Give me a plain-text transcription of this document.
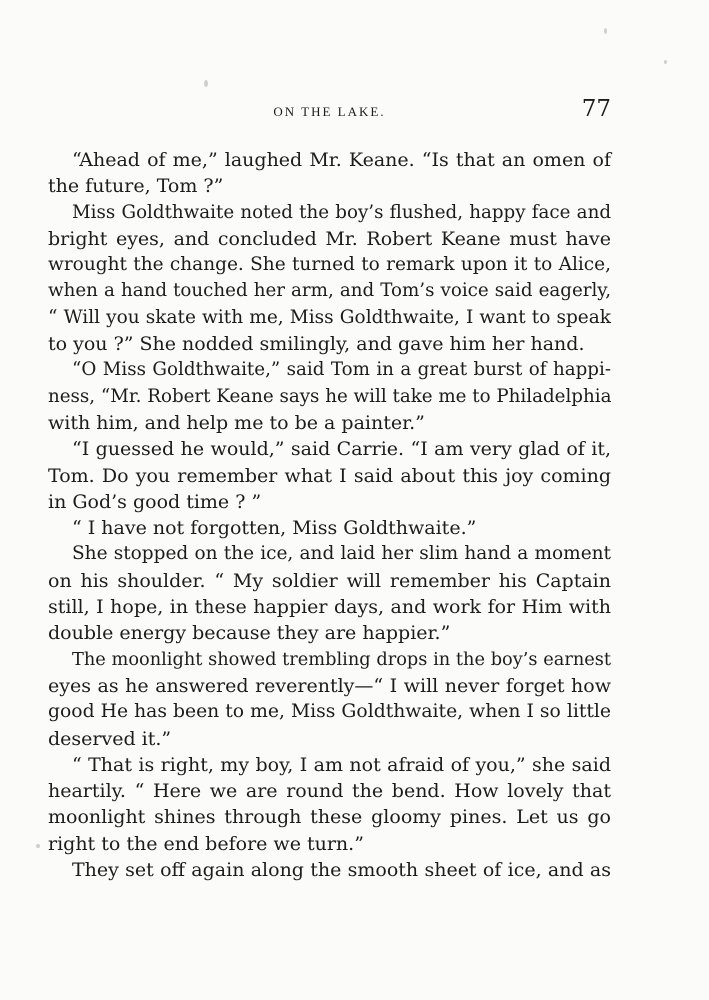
ON THE LAKE.	77
“Ahead of me,” laughed Mr. Keane. “Is that an omen of
the future, Tom ?”
Miss Goldthwaite noted the boy’s flushed, happy face and
bright eyes, and concluded Mr. Robert Keane must have
wrought the change. She turned to remark upon it to Alice,
when a hand touched her arm, and Tom’s voice said eagerly,
“ Will you skate with me, Miss Goldthwaite, I want to speak
to you ?” She nodded smilingly, and gave him her hand.
“O Miss Goldthwaite,” said Tom in a great burst of happi-
ness, “Mr. Robert Keane says he will take me to Philadelphia
with him, and help me to be a painter.”
“I guessed he would,” said Carrie. “I am very glad of it,
Tom. Do you remember what I said about this joy coming
in God’s good time ? ”
“ I have not forgotten, Miss Goldthwaite.”
She stopped on the ice, and laid her slim hand a moment
on his shoulder. “ My soldier will remember his Captain
still, I hope, in these happier days, and work for Him with
double energy because they are happier.”
The moonlight showed trembling drops in the boy’s earnest
eyes as he answered reverently—“ I will never forget how
good He has been to me, Miss Goldthwaite, when I so little
deserved it.”
“ That is right, my boy, I am not afraid of you,” she said
heartily. “ Here we are round the bend. How lovely that
moonlight shines through these gloomy pines. Let us go
right to the end before we turn.”
They set off again along the smooth sheet of ice, and as
